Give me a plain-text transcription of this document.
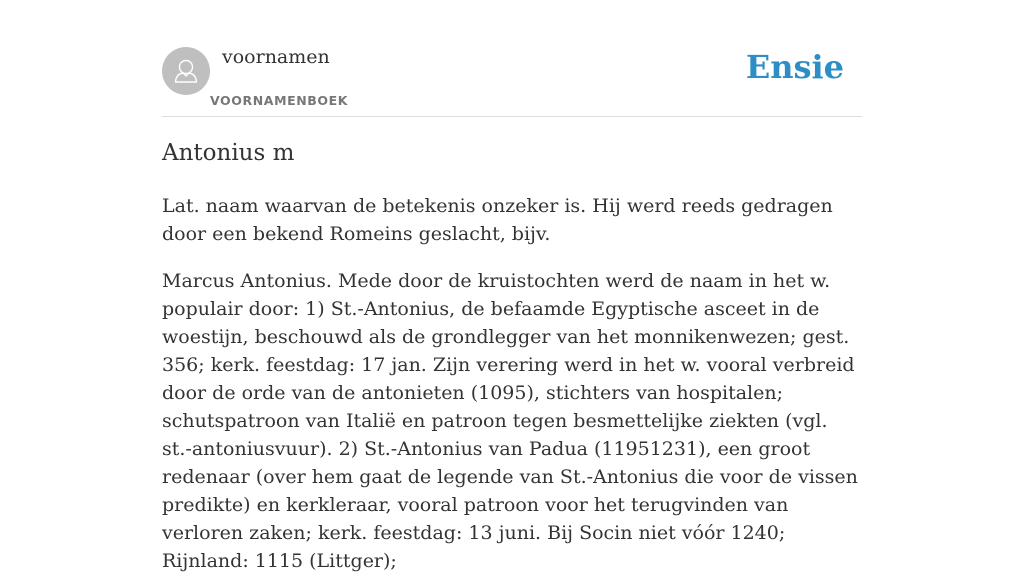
voornamen
VOORNAMENBOEK
Ensie
Antonius m

Lat. naam waarvan de betekenis onzeker is. Hij werd reeds gedragen door een bekend Romeins geslacht, bijv.

Marcus Antonius. Mede door de kruistochten werd de naam in het w. populair door: 1) St.-Antonius, de befaamde Egyptische asceet in de woestijn, beschouwd als de grondlegger van het monnikenwezen; gest. 356; kerk. feestdag: 17 jan. Zijn verering werd in het w. vooral verbreid door de orde van de antonieten (1095), stichters van hospitalen; schutspatroon van Italië en patroon tegen besmettelijke ziekten (vgl. st.-antoniusvuur). 2) St.-Antonius van Padua (11951231), een groot redenaar (over hem gaat de legende van St.-Antonius die voor de vissen predikte) en kerkleraar, vooral patroon voor het terugvinden van verloren zaken; kerk. feestdag: 13 juni. Bij Socin niet vóór 1240; Rijnland: 1115 (Littger);
